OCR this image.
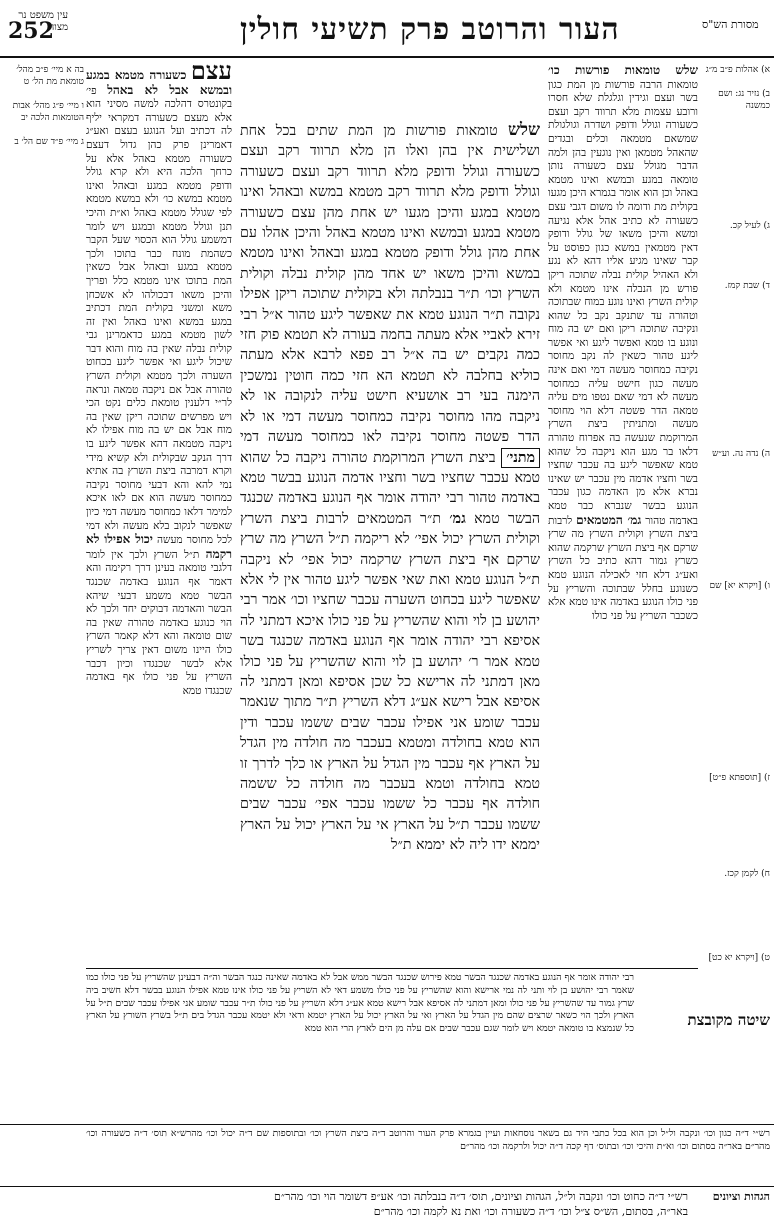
מסורת הש"ס
העור והרוטב פרק תשיעי חולין
252
עין משפט נר מצוה
א) אהלות פ״ב מ״ג

ב) נזיר נג: ושם כמשנה

ג) לעיל קכ.

ד) שבת קמז.

ה) נדה נה. וע״ש

ו) [ויקרא יא] שם

ז) [תוספתא פ״ט]

ח) לקמן קכז.

ט) [ויקרא יא כט]
בה א מיי׳ פ״ב מהל׳ טומאת מת הל׳ ט

ו מיי׳ פ״ג מהל׳ אבות הטומאות הלכה יב

ג מיי׳ פ״ד שם הל׳ ב
שלש טומאות פורשות כו׳ טומאות הרבה פורשות מן המת כגון בשר ועצם וגידין וגלגלת שלא חסרו ורובע עצמות מלא תרווד רקב ועצם כשעורה וגולל ודופק ושדרה וגולגולת שמשאם מטמאה וכלים ובגדים שהאהל מטמאן ואין נוגעין בהן ולמה הדבר מגולל עצם כשעורה נותן טומאה במגע ובמשא ואינו מטמא באהל וכן הוא אומר בגמרא היכן מגעו בקולית מת ודומה לו משום דגבי עצם כשעורה לא כתיב אהל אלא נגיעה ומשא והיכן משאו של גולל ודופק דאין מטמאין במשא כגון כפוסט על קבר שאינו מגיע אליו דהא לא נגע ולא האהיל קולית נבלה שתוכה ריקן פורש מן הנבלה אינו מטמא ולא קולית השרץ ואינו נוגע במוח שבתוכה וטהורה עד שתנקב נקב כל שהוא ונקיבה שתוכה ריקן ואם יש בה מוח ונוגע בו טמא ואפשר ליגע ואי אפשר ליגע טהור כשאין לה נקב מחוסר נקיבה כמחוסר מעשה דמי ואם אינה מעשה כגון חישט עליה כמחוסר מעשה לא דמי שאם נטפו מים עליה טמאה הדר פשטה דלא הוי מחוסר מעשה ומתניתין ביצת השרץ המרוקמת שנעשה בה אפרוח טהורה דלאו בר מגע הוא ניקבה כל שהוא טמא שאפשר ליגע בה עכבר שחציו בשר וחציו אדמה מין עכבר יש שאינו נברא אלא מן האדמה כגון עכבר הנוגע בבשר שנברא כבר טמא באדמה טהור גמ׳ המטמאים לרבות ביצת השרץ וקולית השרץ מה שרץ שרקם אף ביצת השרץ שרקמה שהוא כשרץ גמור דהא כתיב כל השרץ ואע״ג דלא חזי לאכילה הנוגע טמא כשנוגע בחלל שבתוכה והשריץ על פני כולו הנוגע באדמה אינו טמא אלא כשכבר השריץ על פני כולו
עצם כשעורה מטמא במגע ובמשא אבל לא באהל פי׳ בקונטרס דהלכה למשה מסיני הוא אלא מעצם כשעורה דמקראי יליף לה דכתיב ועל הנוגע בעצם ואע״ג דאמרינן פרק כהן גדול דעצם כשעורה מטמא באהל אלא על כרחך הלכה היא ולא קרא גולל ודופק מטמא במגע ובאהל ואינו מטמא במשא כו׳ ולא במשא מטמא לפי שגולל מטמא באהל וא״ת והיכי תנן וגולל מטמא ובמגע ויש לומר דמשמע גולל הוא הכסוי שעל הקבר כשהמת מונח כבר בתוכו ולכך מטמא במגע ובאהל אבל כשאין המת בתוכו אינו מטמא כלל ופריך והיכן משאו דבכולהו לא אשכחן משא ומשני בקולית המת דכתיב במגע במשא ואינו באהל ואין זה לשון מטמא במגע כדאמרינן גבי קולית נבלה שאין בה מוח והוא דבר שיכול ליגע ואי אפשר ליגע בכחוט השערה ולכך מטמא וקולית השרץ טהורה אבל אם ניקבה טמאה ונראה לר״י דלענין טומאת כלים נקט הכי ויש מפרשים שתוכה ריקן שאין בה מוח אבל אם יש בה מוח אפילו לא ניקבה מטמאה דהא אפשר ליגע בו דרך הנקב שבקולית ולא קשיא מידי וקרא דמרבה ביצת השרץ בה אתיא נמי להא והא דבעי מחוסר נקיבה כמחוסר מעשה הוא אם לאו איכא למימר דלאו כמחוסר מעשה דמי כיון שאפשר לנקוב בלא מעשה ולא דמי לכל מחוסר מעשה יכול אפילו לא רקמה ת״ל השרץ ולכך אין לומר דלגבי טומאה בעינן דרך רקימה והא דאמר אף הנוגע באדמה שכנגד הבשר טמא משמע דבעי שיהא הבשר והאדמה דבוקים יחד ולכך לא הוי כנוגע באדמה טהורה שאין בה שום טומאה והא דלא קאמר השרץ כולו היינו משום דאין צריך לשריץ אלא לבשר שכנגדו וכיון דכבר השריץ על פני כולו אף באדמה שכנגדו טמא
שלש טומאות פורשות מן המת שתים בכל אחת ושלישית אין בהן ואלו הן מלא תרווד רקב ועצם כשעורה וגולל ודופק מלא תרווד רקב ועצם כשעורה וגולל ודופק מלא תרווד רקב מטמא במשא ובאהל ואינו מטמא במגע והיכן מגעו יש אחת מהן עצם כשעורה מטמא במגע ובמשא ואינו מטמא באהל והיכן אהלו עם אחת מהן גולל ודופק מטמא במגע ובאהל ואינו מטמא במשא והיכן משאו יש אחד מהן קולית נבלה וקולית השרץ וכו׳ ת״ר בנבלתה ולא בקולית שתוכה ריקן אפילו נקובה ת״ר הנוגע טמא את שאפשר ליגע טהור א״ל רבי זירא לאביי אלא מעתה בחמה בעורה לא תטמא פוק חזי כמה נקבים יש בה א״ל רב פפא לרבא אלא מעתה כוליא בחלבה לא תטמא הא חזי כמה חוטין נמשכין הימנה בעי רב אושעיא חישט עליה לנקובה או לא ניקבה מהו מחוסר נקיבה כמחוסר מעשה דמי או לא הדר פשטה מחוסר נקיבה לאו כמחוסר מעשה דמי מתני׳ ביצת השרץ המרוקמת טהורה ניקבה כל שהוא טמא עכבר שחציו בשר וחציו אדמה הנוגע בבשר טמא באדמה טהור רבי יהודה אומר אף הנוגע באדמה שכנגד הבשר טמא גמ׳ ת״ר המטמאים לרבות ביצת השרץ וקולית השרץ יכול אפי׳ לא ריקמה ת״ל השרץ מה שרץ שרקם אף ביצת השרץ שרקמה יכול אפי׳ לא ניקבה ת״ל הנוגע טמא ואת שאי אפשר ליגע טהור אין לי אלא שאפשר ליגע בכחוט השערה עכבר שחציו וכו׳ אמר רבי יהושע בן לוי והוא שהשריץ על פני כולו איכא דמתני לה אסיפא רבי יהודה אומר אף הנוגע באדמה שכנגד בשר טמא אמר ר׳ יהושע בן לוי והוא שהשריץ על פני כולו מאן דמתני לה ארישא כל שכן אסיפא ומאן דמתני לה אסיפא אבל רישא אע״ג דלא השריץ ת״ר מתוך שנאמר עכבר שומע אני אפילו עכבר שבים ששמו עכבר ודין הוא טמא בחולדה ומטמא בעכבר מה חולדה מין הגדל על הארץ אף עכבר מין הגדל על הארץ או כלך לדרך זו טמא בחולדה וטמא בעכבר מה חולדה כל ששמה חולדה אף עכבר כל ששמו עכבר אפי׳ עכבר שבים ששמו עכבר ת״ל על הארץ אי על הארץ יכול על הארץ יממא ידו ליה לא יממא ת״ל
שיטה מקובצת
רבי יהודה אומר אף הנוגע באדמה שכנגד הבשר טמא פירוש שכנגד הבשר ממש אבל לא באדמה שאינה כנגד הבשר וה״ה דבעינן שהשריץ על פני כולו כמו שאמר רבי יהושע בן לוי ותני לה נמי ארישא והוא שהשריץ על פני כולו משמע דאי לא השריץ על פני כולו אינו טמא אפילו הנוגע בבשר דלא חשיב ביה שרץ גמור עד שהשריץ על פני כולו ומאן דמתני לה אסיפא אבל רישא טמא אע״ג דלא השריץ על פני כולו ת״ר עכבר שומע אני אפילו עכבר שבים ת״ל על הארץ ולכך הוי כשאר שרצים שהם מין הגדל על הארץ ואי על הארץ יכול על הארץ יטמא ודאי ולא יטמא עכבר הגדל בים ת״ל בשרץ השורץ על הארץ כל שנמצא בו טומאה יטמא ויש לומר שגם עכבר שבים אם עלה מן הים לארץ הרי הוא טמא
רש״י ד״ה כגון וכו׳ ונקבה ול״ל וכן הוא בכל כתבי היד גם בשאר נוסחאות ועיין בגמרא פרק העור והרוטב ד״ה ביצת השרץ וכו׳ ובתוספות שם ד״ה יכול וכו׳ מהרש״א תוס׳ ד״ה כשעורה וכו׳ מהר״ם באר״ה בסתום וכו׳ וא״ת והיכי וכו׳ ובתוס׳ דף קכה ד״ה יכול ולרקמה וכו׳ מהר״ם
הגהות וציונים
רש״י ד״ה כחוט וכו׳ ונקבה ול״ל, הגהות וציונים, תוס׳ ד״ה בנבלתה וכו׳ אע״פ דשומר הוי וכו׳ מהר״ם
באר״ה, בסתום, הש״ס צ״ל וכו׳ ד״ה כשעורה וכו׳ ואת נא לקמה וכו׳ מהר״ם
